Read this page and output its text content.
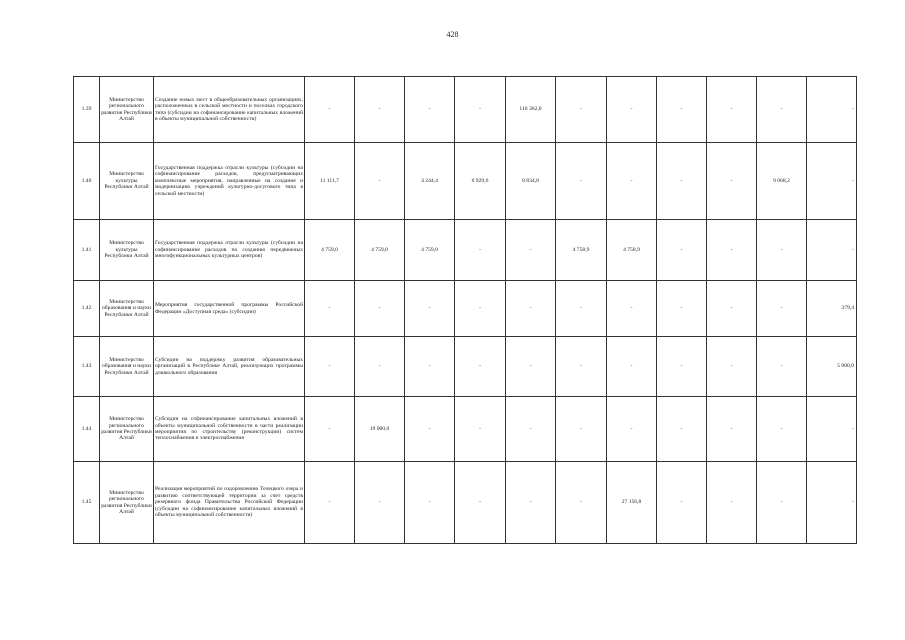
428
1.39	Министерство регионального развития Республики Алтай	Создание новых мест в общеобразовательных организациях, расположенных в сельской местности и поселках городского типа (субсидии на софинансирование капитальных вложений в объекты муниципальной собственности)	-	-	-	-	116 362,0	-	-	-	-	-	-
1.40	Министерство культуры Республики Алтай	Государственная поддержка отрасли культуры (субсидии на софинансирование расходов, предусматривающих комплексные мероприятия, направленные на создание и модернизацию учреждений культурно-досугового типа в сельской местности)	11 111,7	-	4 244,4	6 929,6	8 834,8	-	-	-	-	9 068,2	-
1.41	Министерство культуры Республики Алтай	Государственная поддержка отрасли культуры (субсидии на софинансирование расходов по созданию передвижных многофункциональных культурных центров)	4 759,0	4 759,0	4 759,0	-	-	4 758,9	4 758,9	-	-	-	-
1.42	Министерство образования и науки Республики Алтай	Мероприятия государственной программы Российской Федерации «Доступная среда» (субсидии)	-	-	-	-	-	-	-	-	-	-	379,4
1.43	Министерство образования и науки Республики Алтай	Субсидии на поддержку развития образовательных организаций в Республике Алтай, реализующих программы дошкольного образования	-	-	-	-	-	-	-	-	-	-	5 000,0
1.44	Министерство регионального развития Республики Алтай	Субсидии на софинансирование капитальных вложений в объекты муниципальной собственности в части реализации мероприятия по строительству (реконструкции) систем теплоснабжения и электроснабжения	-	19 000,0	-	-	-	-	-	-	-	-	-
1.45	Министерство регионального развития Республики Алтай	Реализация мероприятий по оздоровлению Телецкого озера и развитию соответствующей территории за счет средств резервного фонда Правительства Российской Федерации (субсидии на софинансирование капитальных вложений в объекты муниципальной собственности)	-	-	-	-	-	-	27 156,8	-	-	-	-
